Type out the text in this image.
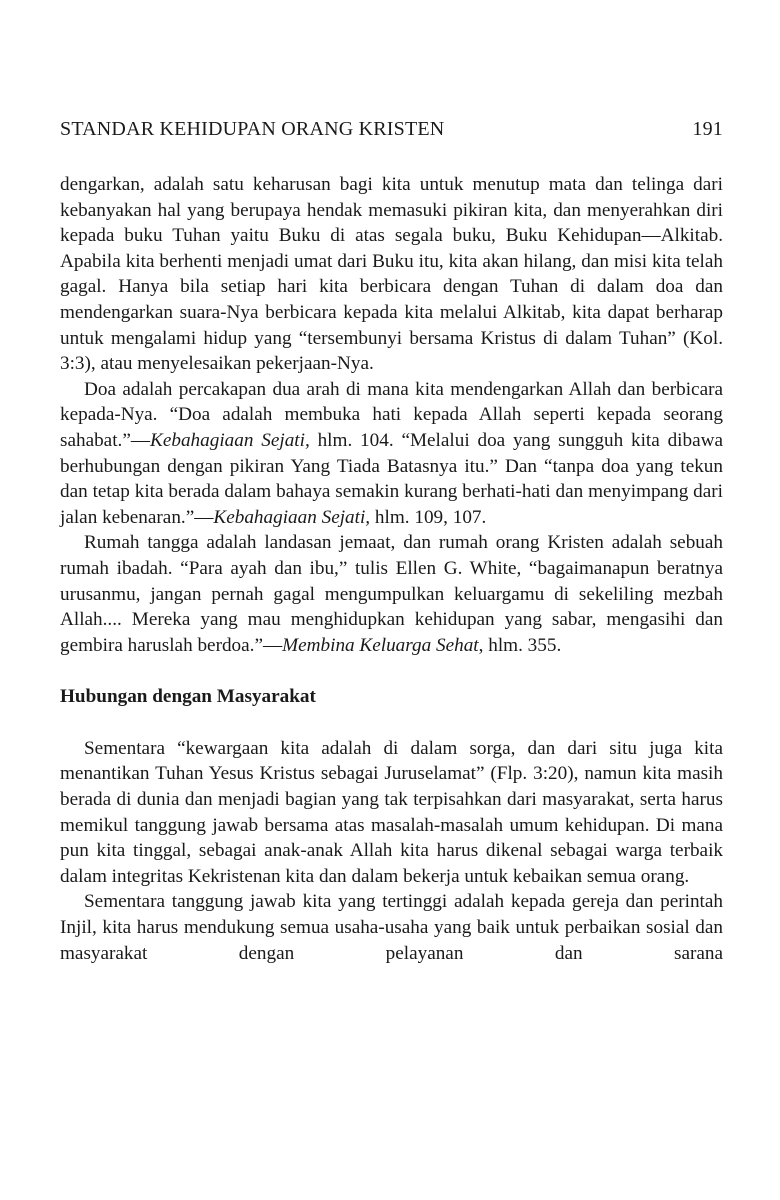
STANDAR KEHIDUPAN ORANG KRISTEN	191

dengarkan, adalah satu keharusan bagi kita untuk menutup mata dan telinga dari kebanyakan hal yang berupaya hendak memasuki pikiran kita, dan menyerahkan diri kepada buku Tuhan yaitu Buku di atas segala buku, Buku Kehidupan—Alkitab. Apabila kita berhenti menjadi umat dari Buku itu, kita akan hilang, dan misi kita telah gagal. Hanya bila setiap hari kita berbicara dengan Tuhan di dalam doa dan mendengarkan suara-Nya berbicara kepada kita melalui Alkitab, kita dapat berharap untuk mengalami hidup yang “tersembunyi bersama Kristus di dalam Tuhan” (Kol. 3:3), atau menyelesaikan pekerjaan-Nya.

Doa adalah percakapan dua arah di mana kita mendengarkan Allah dan berbicara kepada-Nya. “Doa adalah membuka hati kepada Allah seperti kepada seorang sahabat.”—Kebahagiaan Sejati, hlm. 104. “Melalui doa yang sungguh kita dibawa berhubungan dengan pikiran Yang Tiada Batasnya itu.” Dan “tanpa doa yang tekun dan tetap kita berada dalam bahaya semakin kurang berhati-hati dan menyimpang dari jalan kebenaran.”—Kebahagiaan Sejati, hlm. 109, 107.

Rumah tangga adalah landasan jemaat, dan rumah orang Kristen adalah sebuah rumah ibadah. “Para ayah dan ibu,” tulis Ellen G. White, “bagaimanapun beratnya urusanmu, jangan pernah gagal mengumpulkan keluargamu di sekeliling mezbah Allah.... Mereka yang mau menghidupkan kehidupan yang sabar, mengasihi dan gembira haruslah berdoa.”—Membina Keluarga Sehat, hlm. 355.

Hubungan dengan Masyarakat

Sementara “kewargaan kita adalah di dalam sorga, dan dari situ juga kita menantikan Tuhan Yesus Kristus sebagai Juruselamat” (Flp. 3:20), namun kita masih berada di dunia dan menjadi bagian yang tak terpisahkan dari masyarakat, serta harus memikul tanggung jawab bersama atas masalah-masalah umum kehidupan. Di mana pun kita tinggal, sebagai anak-anak Allah kita harus dikenal sebagai warga terbaik dalam integritas Kekristenan kita dan dalam bekerja untuk kebaikan semua orang.

Sementara tanggung jawab kita yang tertinggi adalah kepada gereja dan perintah Injil, kita harus mendukung semua usaha-usaha yang baik untuk perbaikan sosial dan masyarakat dengan pelayanan dan sarana
